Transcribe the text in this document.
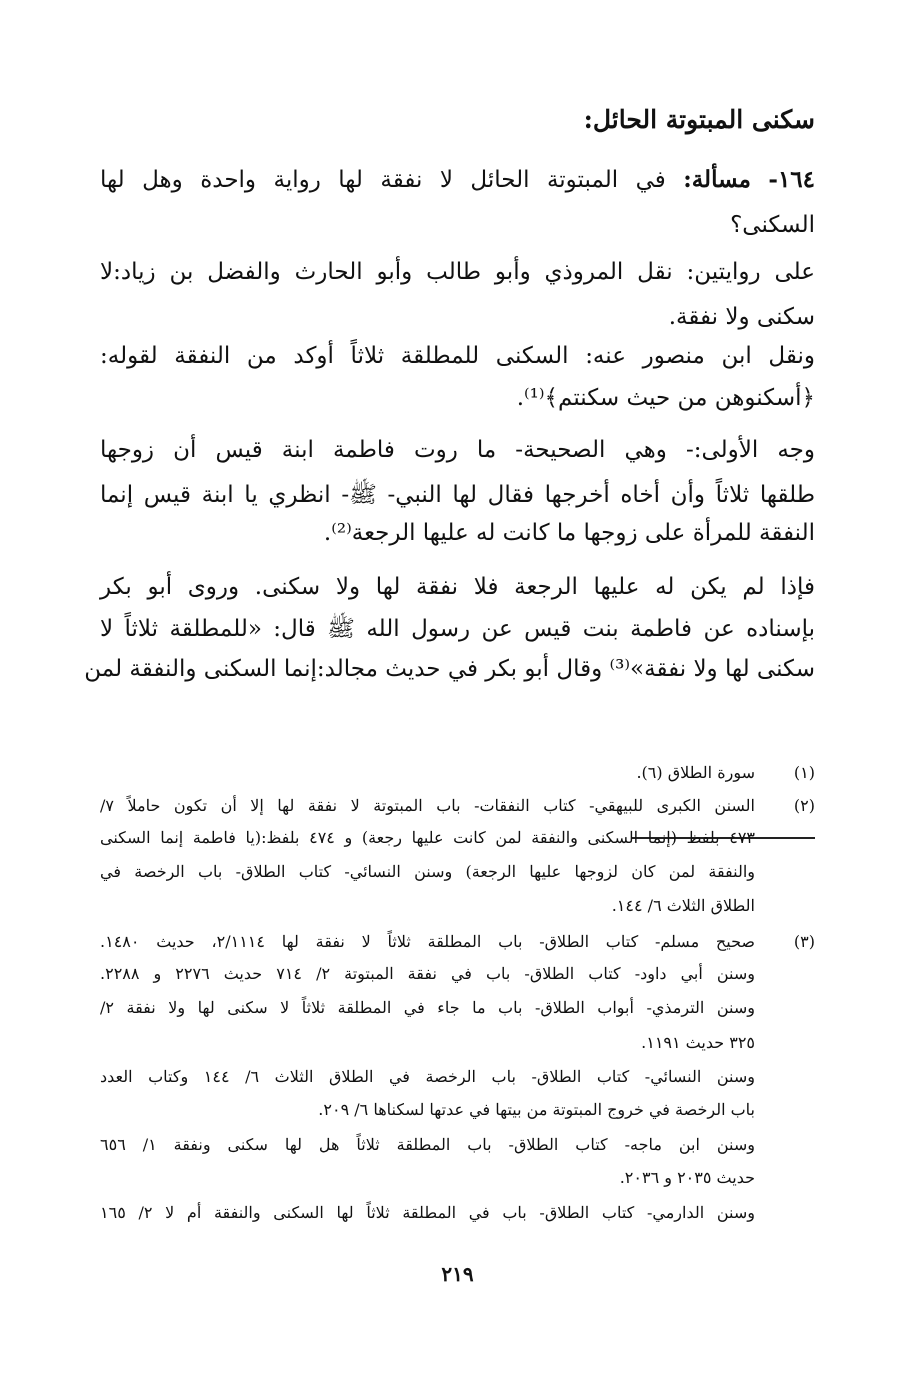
سكنى المبتوتة الحائل:
١٦٤- مسألة: في المبتوتة الحائل لا نفقة لها رواية واحدة وهل لها
السكنى؟
على روايتين: نقل المروذي وأبو طالب وأبو الحارث والفضل بن زياد:لا
سكنى ولا نفقة.
ونقل ابن منصور عنه: السكنى للمطلقة ثلاثاً أوكد من النفقة لقوله:
﴿أسكنوهن من حيث سكنتم﴾⁽¹⁾.
وجه الأولى:- وهي الصحيحة- ما روت فاطمة ابنة قيس أن زوجها
طلقها ثلاثاً وأن أخاه أخرجها فقال لها النبي- ﷺ- انظري يا ابنة قيس إنما
النفقة للمرأة على زوجها ما كانت له عليها الرجعة⁽²⁾.
فإذا لم يكن له عليها الرجعة فلا نفقة لها ولا سكنى. وروى أبو بكر
بإسناده عن فاطمة بنت قيس عن رسول الله ﷺ قال: «للمطلقة ثلاثاً لا
سكنى لها ولا نفقة»⁽³⁾ وقال أبو بكر في حديث مجالد:إنما السكنى والنفقة لمن
(١)
سورة الطلاق (٦).
(٢)
السنن الكبرى للبيهقي- كتاب النفقات- باب المبتوتة لا نفقة لها إلا أن تكون حاملاً ٧/
٤٧٣ بلفظ (إنما السكنى والنفقة لمن كانت عليها رجعة) و ٤٧٤ بلفظ:(يا فاطمة إنما السكنى
والنفقة لمن كان لزوجها عليها الرجعة) وسنن النسائي- كتاب الطلاق- باب الرخصة في
الطلاق الثلاث ٦/ ١٤٤.
(٣)
صحيح مسلم- كتاب الطلاق- باب المطلقة ثلاثاً لا نفقة لها ٢/١١١٤، حديث ١٤٨٠.
وسنن أبي داود- كتاب الطلاق- باب في نفقة المبتوتة ٢/ ٧١٤ حديث ٢٢٧٦ و ٢٢٨٨.
وسنن الترمذي- أبواب الطلاق- باب ما جاء في المطلقة ثلاثاً لا سكنى لها ولا نفقة ٢/
٣٢٥ حديث ١١٩١.
وسنن النسائي- كتاب الطلاق- باب الرخصة في الطلاق الثلاث ٦/ ١٤٤ وكتاب العدد
باب الرخصة في خروج المبتوتة من بيتها في عدتها لسكناها ٦/ ٢٠٩.
وسنن ابن ماجه- كتاب الطلاق- باب المطلقة ثلاثاً هل لها سكنى ونفقة ١/ ٦٥٦
حديث ٢٠٣٥ و ٢٠٣٦.
وسنن الدارمي- كتاب الطلاق- باب في المطلقة ثلاثاً لها السكنى والنفقة أم لا ٢/ ١٦٥
٢١٩
